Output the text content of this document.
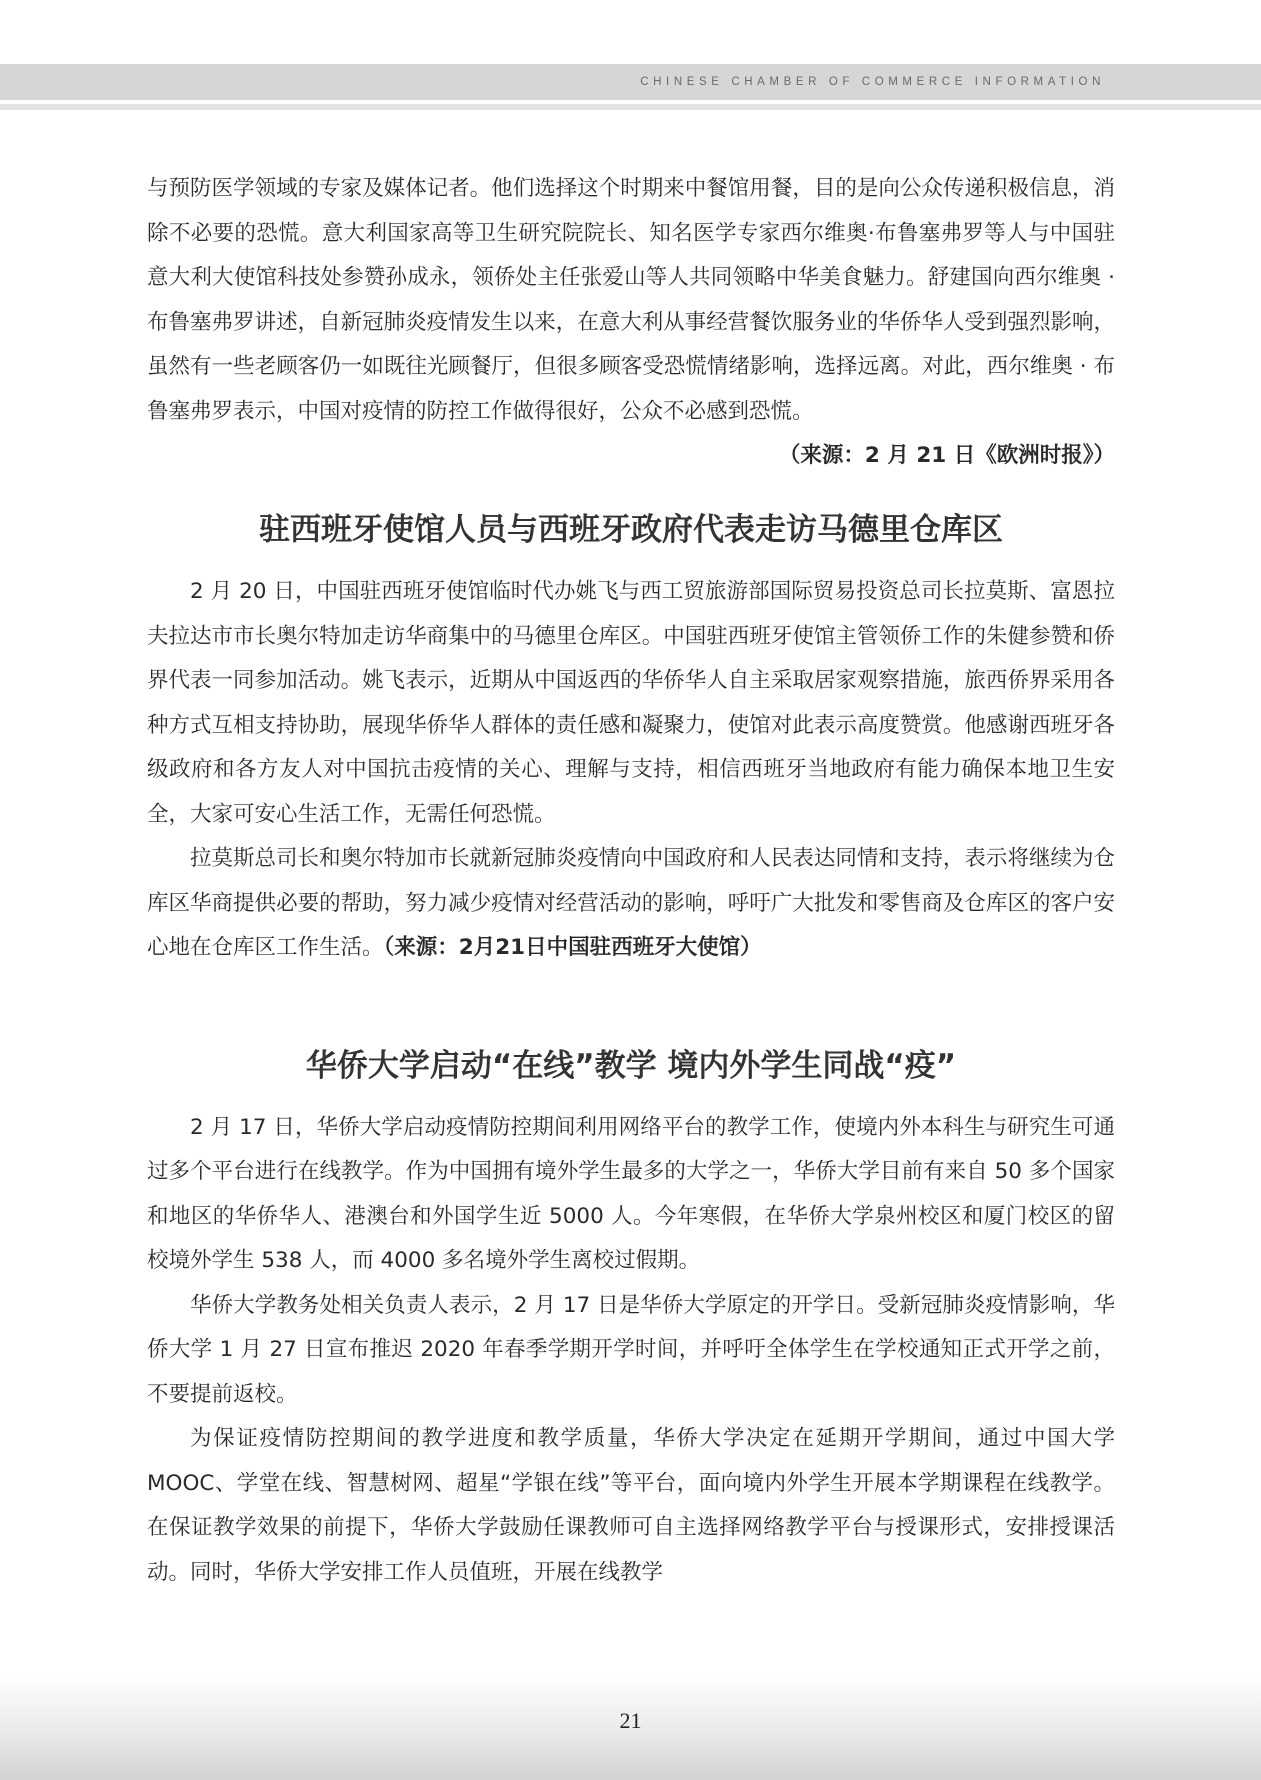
CHINESE CHAMBER OF COMMERCE INFORMATION

与预防医学领域的专家及媒体记者。他们选择这个时期来中餐馆用餐，目的是向公众传递积极信息，消除不必要的恐慌。意大利国家高等卫生研究院院长、知名医学专家西尔维奥·布鲁塞弗罗等人与中国驻意大利大使馆科技处参赞孙成永，领侨处主任张爱山等人共同领略中华美食魅力。舒建国向西尔维奥 · 布鲁塞弗罗讲述，自新冠肺炎疫情发生以来，在意大利从事经营餐饮服务业的华侨华人受到强烈影响，虽然有一些老顾客仍一如既往光顾餐厅，但很多顾客受恐慌情绪影响，选择远离。对此，西尔维奥 · 布鲁塞弗罗表示，中国对疫情的防控工作做得很好，公众不必感到恐慌。
（来源：2 月 21 日《欧洲时报》）

驻西班牙使馆人员与西班牙政府代表走访马德里仓库区

2 月 20 日，中国驻西班牙使馆临时代办姚飞与西工贸旅游部国际贸易投资总司长拉莫斯、富恩拉夫拉达市市长奥尔特加走访华商集中的马德里仓库区。中国驻西班牙使馆主管领侨工作的朱健参赞和侨界代表一同参加活动。姚飞表示，近期从中国返西的华侨华人自主采取居家观察措施，旅西侨界采用各种方式互相支持协助，展现华侨华人群体的责任感和凝聚力，使馆对此表示高度赞赏。他感谢西班牙各级政府和各方友人对中国抗击疫情的关心、理解与支持，相信西班牙当地政府有能力确保本地卫生安全，大家可安心生活工作，无需任何恐慌。

拉莫斯总司长和奥尔特加市长就新冠肺炎疫情向中国政府和人民表达同情和支持，表示将继续为仓库区华商提供必要的帮助，努力减少疫情对经营活动的影响，呼吁广大批发和零售商及仓库区的客户安心地在仓库区工作生活。（来源：2月21日中国驻西班牙大使馆）

华侨大学启动“在线”教学 境内外学生同战“疫”

2 月 17 日，华侨大学启动疫情防控期间利用网络平台的教学工作，使境内外本科生与研究生可通过多个平台进行在线教学。作为中国拥有境外学生最多的大学之一，华侨大学目前有来自 50 多个国家和地区的华侨华人、港澳台和外国学生近 5000 人。今年寒假，在华侨大学泉州校区和厦门校区的留校境外学生 538 人，而 4000 多名境外学生离校过假期。

华侨大学教务处相关负责人表示，2 月 17 日是华侨大学原定的开学日。受新冠肺炎疫情影响，华侨大学 1 月 27 日宣布推迟 2020 年春季学期开学时间，并呼吁全体学生在学校通知正式开学之前，不要提前返校。

为保证疫情防控期间的教学进度和教学质量，华侨大学决定在延期开学期间，通过中国大学 MOOC、学堂在线、智慧树网、超星“学银在线”等平台，面向境内外学生开展本学期课程在线教学。在保证教学效果的前提下，华侨大学鼓励任课教师可自主选择网络教学平台与授课形式，安排授课活动。同时，华侨大学安排工作人员值班，开展在线教学

21
